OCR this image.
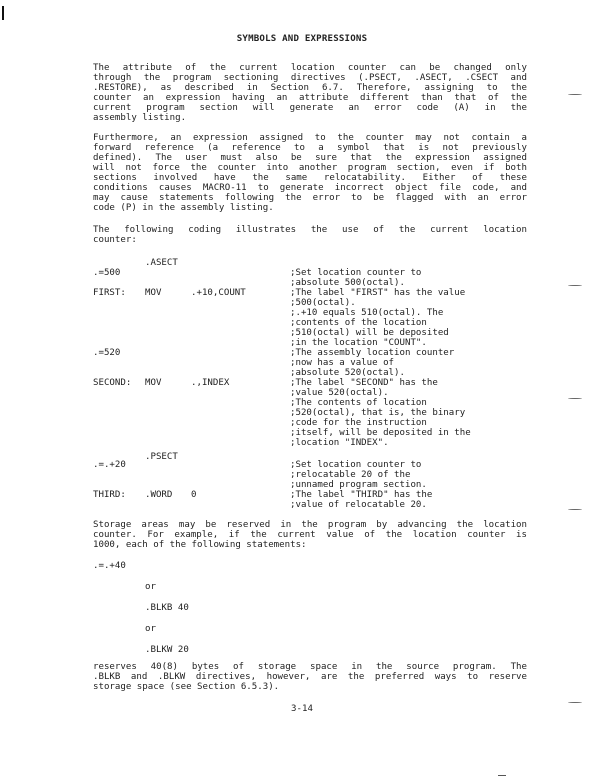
SYMBOLS AND EXPRESSIONS
The attribute of the current location counter can be changed only
through the program sectioning directives (.PSECT, .ASECT, .CSECT and
.RESTORE), as described in Section 6.7. Therefore, assigning to the
counter an expression having an attribute different than that of the
current program section will generate an error code (A) in the
assembly listing.
Furthermore, an expression assigned to the counter may not contain a
forward reference (a reference to a symbol that is not previously
defined). The user must also be sure that the expression assigned
will not force the counter into another program section, even if both
sections involved have the same relocatability. Either of these
conditions causes MACRO-11 to generate incorrect object file code, and
may cause statements following the error to be flagged with an error
code (P) in the assembly listing.
The following coding illustrates the use of the current location
counter:
.ASECT
.=500	;Set location counter to
;absolute 500(octal).
FIRST: MOV	.+10,COUNT	;The label "FIRST" has the value
;500(octal).
;.+10 equals 510(octal). The
;contents of the location
;510(octal) will be deposited
;in the location "COUNT".
.=520	;The assembly location counter
;now has a value of
;absolute 520(octal).
SECOND: MOV	.,INDEX	;The label "SECOND" has the
;value 520(octal).
;The contents of location
;520(octal), that is, the binary
;code for the instruction
;itself, will be deposited in the
;location "INDEX".
.PSECT
.=.+20	;Set location counter to
;relocatable 20 of the
;unnamed program section.
THIRD: .WORD 0	;The label "THIRD" has the
;value of relocatable 20.
Storage areas may be reserved in the program by advancing the location
counter. For example, if the current value of the location counter is
1000, each of the following statements:
.=.+40
or
.BLKB 40
or
.BLKW 20
reserves 40(8) bytes of storage space in the source program. The
.BLKB and .BLKW directives, however, are the preferred ways to reserve
storage space (see Section 6.5.3).
3-14
